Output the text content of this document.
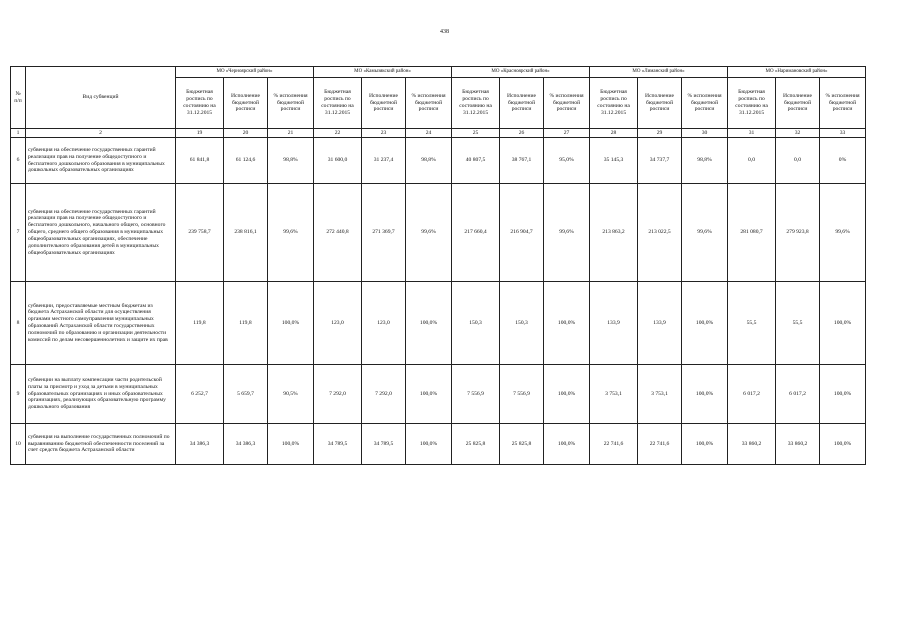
438
№ п/п	Вид субвенций	МО «Черноярский район»			МО «Камызякский район»			МО «Красноярский район»			МО «Лиманский район»			МО «Наримановский район»		
		Бюджетная роспись по состоянию на 31.12.2015	Исполнение бюджетной росписи	% исполнения бюджетной росписи	Бюджетная роспись по состоянию на 31.12.2015	Исполнение бюджетной росписи	% исполнения бюджетной росписи	Бюджетная роспись по состоянию на 31.12.2015	Исполнение бюджетной росписи	% исполнения бюджетной росписи	Бюджетная роспись по состоянию на 31.12.2015	Исполнение бюджетной росписи	% исполнения бюджетной росписи	Бюджетная роспись по состоянию на 31.12.2015	Исполнение бюджетной росписи	% исполнения бюджетной росписи
1	2	19	20	21	22	23	24	25	26	27	28	29	30	31	32	33
6	субвенция на обеспечение государственных гарантий реализации прав на получение общедоступного и бесплатного дошкольного образования в муниципальных дошкольных образовательных организациях	61 841,8	61 124,6	98,8%	31 600,0	31 237,4	98,8%	40 807,5	38 767,1	95,0%	35 145,3	34 737,7	98,8%	0,0	0,0	0%
7	субвенция на обеспечение государственных гарантий реализации прав на получение общедоступного и бесплатного дошкольного, начального общего, основного общего, среднего общего образования в муниципальных общеобразовательных организациях, обеспечение дополнительного образования детей в муниципальных общеобразовательных организациях	239 758,7	238 816,1	99,6%	272 440,8	271 369,7	99,6%	217 660,4	216 904,7	99,6%	213 863,2	213 022,5	99,6%	281 080,7	279 923,8	99,6%
8	субвенции, предоставляемые местным бюджетам из бюджета Астраханской области для осуществления органами местного самоуправления муниципальных образований Астраханской области государственных полномочий по образованию и организации деятельности комиссий по делам несовершеннолетних и защите их прав	119,8	119,8	100,0%	123,0	123,0	100,0%	150,3	150,3	100,0%	133,9	133,9	100,0%	55,5	55,5	100,0%
9	субвенции на выплату компенсации части родительской платы за присмотр и уход за детьми в муниципальных образовательных организациях и иных образовательных организациях, реализующих образовательную программу дошкольного образования	6 252,7	5 659,7	90,5%	7 292,0	7 292,0	100,0%	7 556,9	7 556,9	100,0%	3 753,1	3 753,1	100,0%	6 017,2	6 017,2	100,0%
10	субвенция на выполнение государственных полномочий по выравниванию бюджетной обеспеченности поселений за счет средств бюджета Астраханской области	34 386,3	34 386,3	100,0%	34 789,5	34 789,5	100,0%	25 825,8	25 825,8	100,0%	22 741,6	22 741,6	100,0%	33 860,2	33 860,2	100,0%
